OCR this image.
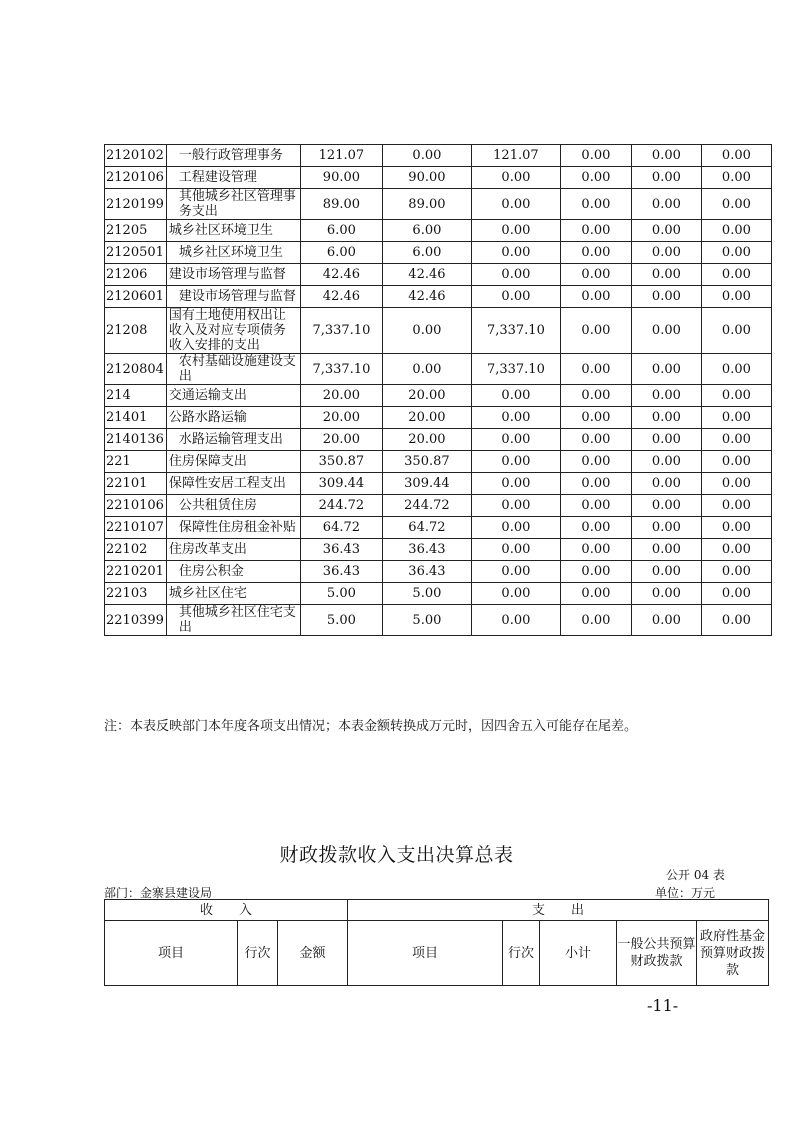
2120102	一般行政管理事务	121.07	0.00	121.07	0.00	0.00	0.00
2120106	工程建设管理	90.00	90.00	0.00	0.00	0.00	0.00
2120199	其他城乡社区管理事务支出	89.00	89.00	0.00	0.00	0.00	0.00
21205	城乡社区环境卫生	6.00	6.00	0.00	0.00	0.00	0.00
2120501	城乡社区环境卫生	6.00	6.00	0.00	0.00	0.00	0.00
21206	建设市场管理与监督	42.46	42.46	0.00	0.00	0.00	0.00
2120601	建设市场管理与监督	42.46	42.46	0.00	0.00	0.00	0.00
21208	国有土地使用权出让收入及对应专项债务收入安排的支出	7,337.10	0.00	7,337.10	0.00	0.00	0.00
2120804	农村基础设施建设支出	7,337.10	0.00	7,337.10	0.00	0.00	0.00
214	交通运输支出	20.00	20.00	0.00	0.00	0.00	0.00
21401	公路水路运输	20.00	20.00	0.00	0.00	0.00	0.00
2140136	水路运输管理支出	20.00	20.00	0.00	0.00	0.00	0.00
221	住房保障支出	350.87	350.87	0.00	0.00	0.00	0.00
22101	保障性安居工程支出	309.44	309.44	0.00	0.00	0.00	0.00
2210106	公共租赁住房	244.72	244.72	0.00	0.00	0.00	0.00
2210107	保障性住房租金补贴	64.72	64.72	0.00	0.00	0.00	0.00
22102	住房改革支出	36.43	36.43	0.00	0.00	0.00	0.00
2210201	住房公积金	36.43	36.43	0.00	0.00	0.00	0.00
22103	城乡社区住宅	5.00	5.00	0.00	0.00	0.00	0.00
2210399	其他城乡社区住宅支出	5.00	5.00	0.00	0.00	0.00	0.00
注：本表反映部门本年度各项支出情况；本表金额转换成万元时，因四舍五入可能存在尾差。
财政拨款收入支出决算总表
公开 04 表
部门：金寨县建设局	单位：万元
收　　入			支　　出				
项目	行次	金额	项目	行次	小计	一般公共预算财政拨款	政府性基金预算财政拨款
-11-
